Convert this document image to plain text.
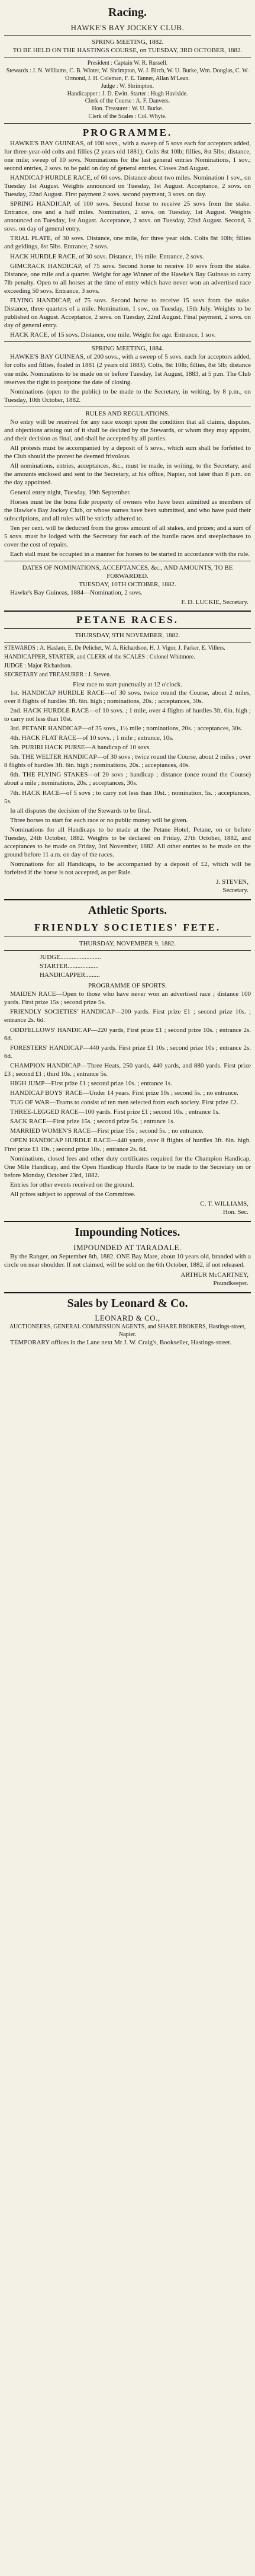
Racing.
HAWKE'S BAY JOCKEY CLUB.
SPRING MEETING, 1882.
TO BE HELD ON THE HASTINGS COURSE, on TUESDAY, 3RD OCTOBER, 1882.
President : Captain W. R. Russell.
Stewards : J. N. Williams, C. B. Winter, W. Shrimpton, W. J. Birch, W. U. Burke, Wm. Douglas, C. W. Ormond, J. H. Coleman, F. E. Tanner, Allan M'Lean.
Judge : W. Shrimpton.
Handicapper : J. D. Ewitt. Starter : Hugh Haviside.
Clerk of the Course : A. F. Danvers.
Hon. Treasurer : W. U. Burke.
Clerk of the Scales : Col. Whyte.
PROGRAMME.
HAWKE'S BAY GUINEAS, of 100 sovs., with a sweep of 5 sovs each for acceptors added, for three-year-old colts and fillies (2 years old 1881); Colts 8st 10lb; fillies, 8st 5lbs; distance, one mile; sweep of 10 sovs. Nominations for the last general entries Nominations, 1 sov.; second entries, 2 sovs. to be paid on day of general entries. Closes 2nd August.
HANDICAP HURDLE RACE, of 60 sovs. Distance about two miles. Nomination 1 sov., on Tuesday 1st August. Weights announced on Tuesday, 1st August. Acceptance, 2 sovs. on Tuesday, 22nd August. First payment 2 sovs. second payment, 3 sovs. on day.
SPRING HANDICAP, of 100 sovs. Second horse to receive 25 sovs from the stake. Entrance, one and a half miles. Nomination, 2 sovs. on Tuesday, 1st August. Weights announced on Tuesday, 1st August. Acceptance, 2 sovs. on Tuesday, 22nd August. Second, 3 sovs. on day of general entry.
TRIAL PLATE, of 30 sovs. Distance, one mile, for three year olds. Colts 8st 10lb; fillies and geldings, 8st 5lbs. Entrance, 2 sovs.
HACK HURDLE RACE, of 30 sovs. Distance, 1½ mile. Entrance, 2 sovs.
GIMCRACK HANDICAP, of 75 sovs. Second horse to receive 10 sovs from the stake. Distance, one mile and a quarter. Weight for age Winner of the Hawke's Bay Guineas to carry 7lb penalty. Open to all horses at the time of entry which have never won an advertised race exceeding 50 sovs. Entrance, 3 sovs.
FLYING HANDICAP, of 75 sovs. Second horse to receive 15 sovs from the stake. Distance, three quarters of a mile. Nomination, 1 sov., on Tuesday, 15th July. Weights to be published on August. Acceptance, 2 sovs. on Tuesday, 22nd August. Final payment, 2 sovs. on day of general entry.
HACK RACE, of 15 sovs. Distance, one mile. Weight for age. Entrance, 1 sov.
SPRING MEETING, 1884.
HAWKE'S BAY GUINEAS, of 200 sovs., with a sweep of 5 sovs. each for acceptors added, for colts and fillies, foaled in 1881 (2 years old 1883). Colts, 8st 10lb; fillies, 8st 5lb; distance one mile. Nominations to be made on or before Tuesday, 1st August, 1883, at 5 p.m. The Club reserves the right to postpone the date of closing.
Nominations (open to the public) to be made to the Secretary, in writing, by 8 p.m., on Tuesday, 10th October, 1882.
RULES AND REGULATIONS.
No entry will be received for any race except upon the condition that all claims, disputes, and objections arising out of it shall be decided by the Stewards, or whom they may appoint, and their decision as final, and shall be accepted by all parties.
All protests must be accompanied by a deposit of 5 sovs., which sum shall be forfeited to the Club should the protest be deemed frivolous.
All nominations, entries, acceptances, &c., must be made, in writing, to the Secretary, and the amounts enclosed and sent to the Secretary, at his office, Napier, not later than 8 p.m. on the day appointed.
General entry night, Tuesday, 19th September.
Horses must be the bona fide property of owners who have been admitted as members of the Hawke's Bay Jockey Club, or whose names have been submitted, and who have paid their subscriptions, and all rules will be strictly adhered to.
Ten per cent. will be deducted from the gross amount of all stakes, and prizes; and a sum of 5 sovs. must be lodged with the Secretary for each of the hurdle races and steeplechases to cover the cost of repairs.
Each stall must be occupied in a manner for horses to be started in accordance with the rule.
DATES OF NOMINATIONS, ACCEPTANCES, &c., AND AMOUNTS, TO BE FORWARDED.
TUESDAY, 10TH OCTOBER, 1882.
Hawke's Bay Guineas, 1884—Nomination, 2 sovs.
F. D. LUCKIE, Secretary.
PETANE RACES.
THURSDAY, 9TH NOVEMBER, 1882.
STEWARDS : A. Haslam, E. De Pelichet, W. A. Richardson, H. J. Vigor, J. Parker, E. Villers.
HANDICAPPER, STARTER, and CLERK of the SCALES : Colonel Whitmore.
JUDGE : Major Richardson.
SECRETARY and TREASURER : J. Steven.
First race to start punctually at 12 o'clock.
1st. HANDICAP HURDLE RACE—of 30 sovs. twice round the Course, about 2 miles, over 8 flights of hurdles 3ft. 6in. high ; nominations, 20s. ; acceptances, 30s.
2nd. HACK HURDLE RACE—of 10 sovs. ; 1 mile, over 4 flights of hurdles 3ft. 6in. high ; to carry not less than 10st.
3rd. PETANE HANDICAP—of 35 sovs., 1½ mile ; nominations, 20s. ; acceptances, 30s.
4th. HACK FLAT RACE—of 10 sovs. ; 1 mile ; entrance, 10s.
5th. PURIRI HACK PURSE—A handicap of 10 sovs.
5th. THE WELTER HANDICAP—of 30 sovs ; twice round the Course, about 2 miles ; over 8 flights of hurdles 3ft. 6in. high ; nominations, 20s. ; acceptances, 40s.
6th. THE FLYING STAKES—of 20 sovs ; handicap ; distance (once round the Course) about a mile ; nominations, 20s. ; acceptances, 30s.
7th. HACK RACE—of 5 sovs ; to carry not less than 10st. ; nomination, 5s. ; acceptances, 5s.
In all disputes the decision of the Stewards to be final.
Three horses to start for each race or no public money will be given.
Nominations for all Handicaps to be made at the Petane Hotel, Petane, on or before Tuesday, 24th October, 1882. Weights to be declared on Friday, 27th October, 1882, and acceptances to be made on Friday, 3rd November, 1882. All other entries to be made on the ground before 11 a.m. on day of the races.
Nominations for all Handicaps, to be accompanied by a deposit of £2, which will be forfeited if the horse is not accepted, as per Rule.
J. STEVEN,
Secretary.
Athletic Sports.
FRIENDLY SOCIETIES' FETE.
THURSDAY, NOVEMBER 9, 1882.
JUDGE.........................
STARTER...................
HANDICAPPER.........
PROGRAMME OF SPORTS.
MAIDEN RACE—Open to those who have never won an advertised race ; distance 100 yards. First prize 15s ; second prize 5s.
FRIENDLY SOCIETIES' HANDICAP—200 yards. First prize £1 ; second prize 10s. ; entrance 2s. 6d.
ODDFELLOWS' HANDICAP—220 yards, First prize £1 ; second prize 10s. ; entrance 2s. 6d.
FORESTERS' HANDICAP—440 yards. First prize £1 10s ; second prize 10s ; entrance 2s. 6d.
CHAMPION HANDICAP—Three Heats, 250 yards, 440 yards, and 880 yards. First prize £3 ; second £1 ; third 10s. ; entrance 5s.
HIGH JUMP—First prize £1 ; second prize 10s. ; entrance 1s.
HANDICAP BOYS' RACE—Under 14 years. First prize 10s ; second 5s. ; no entrance.
TUG OF WAR—Teams to consist of ten men selected from each society. First prize £2.
THREE-LEGGED RACE—100 yards. First prize £1 ; second 10s. ; entrance 1s.
SACK RACE—First prize 15s. ; second prize 5s. ; entrance 1s.
MARRIED WOMEN'S RACE—First prize 15s ; second 5s. ; no entrance.
OPEN HANDICAP HURDLE RACE—440 yards, over 8 flights of hurdles 3ft. 6in. high. First prize £1 10s. ; second prize 10s. ; entrance 2s. 6d.
Nominations, closed fees and other duty certificates required for the Champion Handicap, One Mile Handicap, and the Open Handicap Hurdle Race to be made to the Secretary on or before Monday, October 23rd, 1882.
Entries for other events received on the ground.
All prizes subject to approval of the Committee.
C. T. WILLIAMS,
Hon. Sec.
Impounding Notices.
IMPOUNDED AT TARADALE.
By the Ranger, on September 8th, 1882. ONE Bay Mare, about 10 years old, branded with a circle on near shoulder. If not claimed, will be sold on the 6th October, 1882, if not released.
ARTHUR McCARTNEY,
Poundkeeper.
Sales by Leonard & Co.
LEONARD & CO.,
AUCTIONEERS, GENERAL COMMISSION AGENTS, and SHARE BROKERS, Hastings-street, Napier.
TEMPORARY offices in the Lane next Mr J. W. Craig's, Bookseller, Hastings-street.
